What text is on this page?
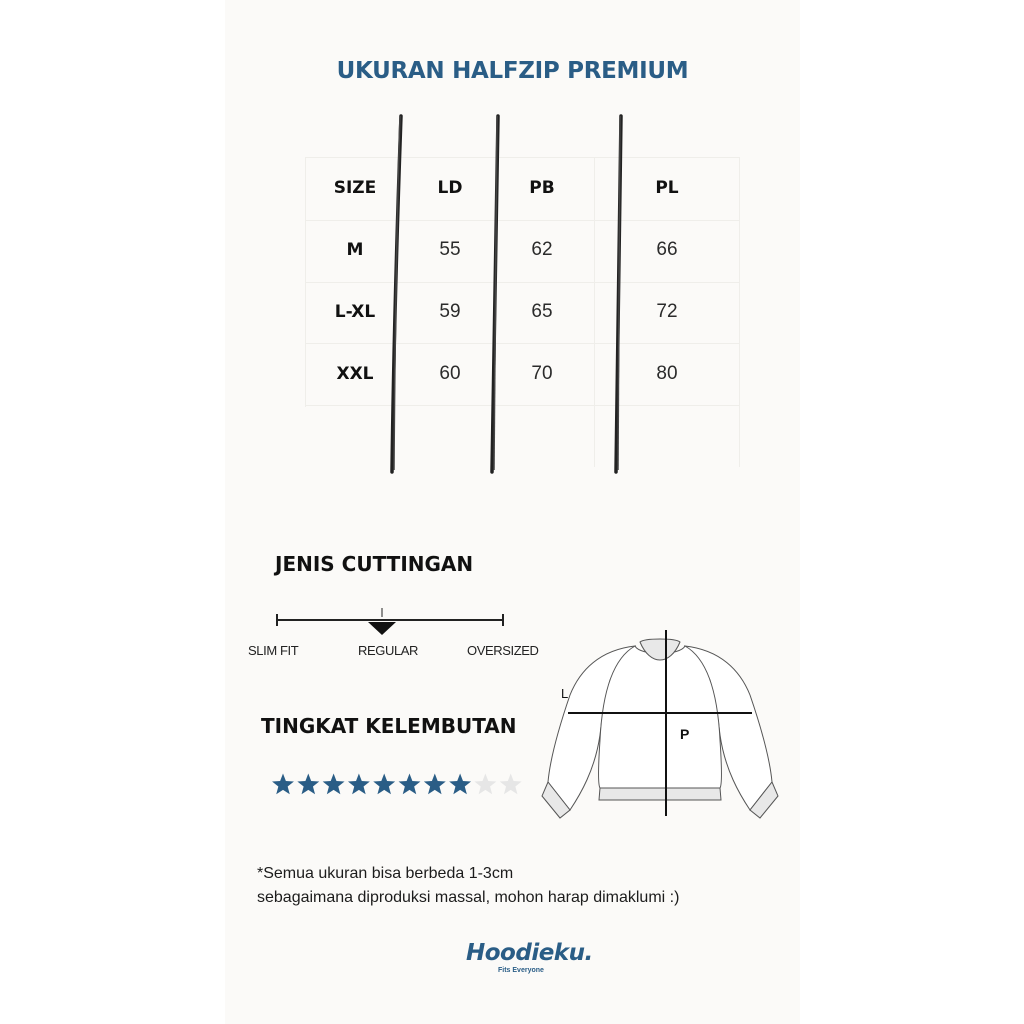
UKURAN HALFZIP PREMIUM
SIZE	LD	PB	PL
M	55	62	66
L-XL	59	65	72
XXL	60	70	80
JENIS CUTTINGAN
SLIM FIT	REGULAR	OVERSIZED
TINGKAT KELEMBUTAN
L
P
*Semua ukuran bisa berbeda 1-3cm
sebagaimana diproduksi massal, mohon harap dimaklumi :)
Hoodieku.
Fits Everyone
